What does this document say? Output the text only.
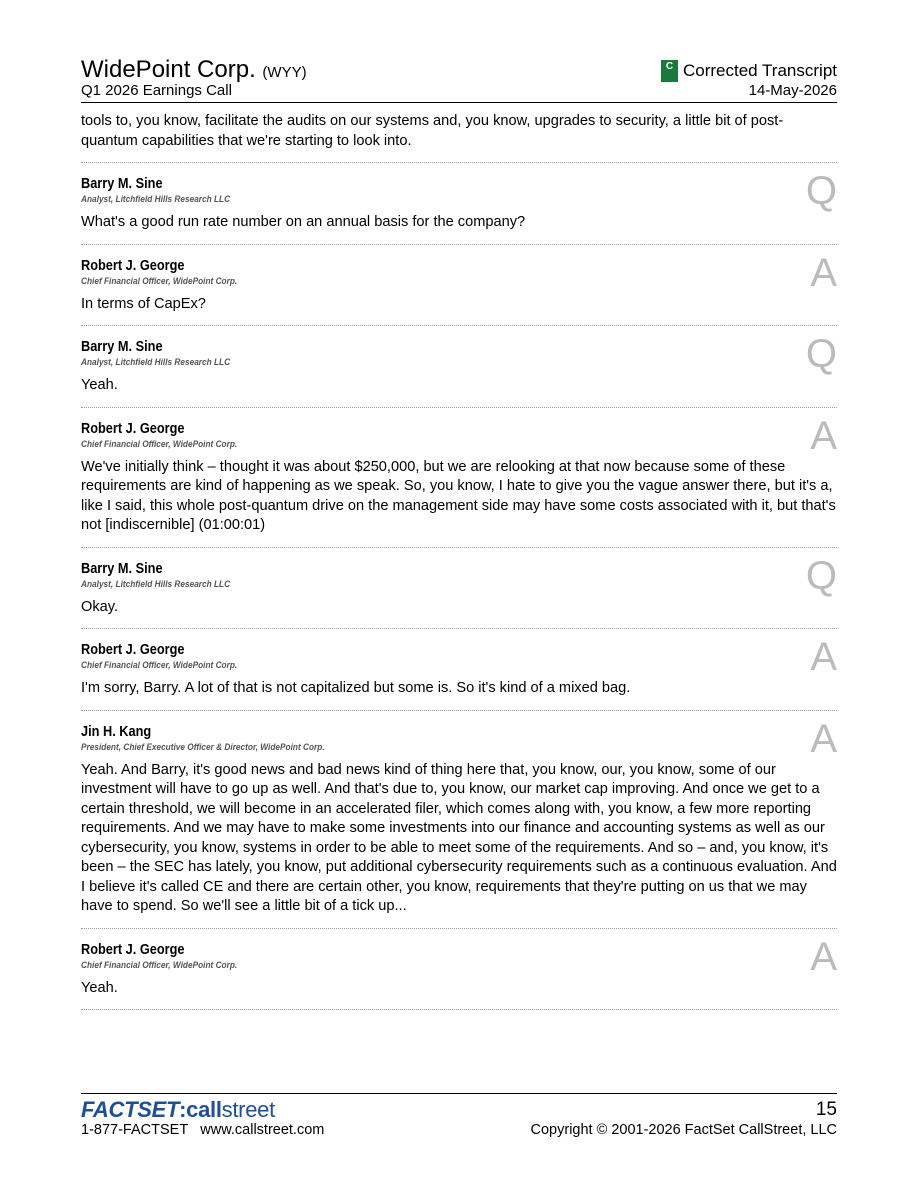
WidePoint Corp. (WYY)
Q1 2026 Earnings Call
C Corrected Transcript
14-May-2026

tools to, you know, facilitate the audits on our systems and, you know, upgrades to security, a little bit of post-quantum capabilities that we're starting to look into.

Barry M. Sine
Analyst, Litchfield Hills Research LLC	Q

What's a good run rate number on an annual basis for the company?

Robert J. George
Chief Financial Officer, WidePoint Corp.	A

In terms of CapEx?

Barry M. Sine
Analyst, Litchfield Hills Research LLC	Q

Yeah.

Robert J. George
Chief Financial Officer, WidePoint Corp.	A

We've initially think – thought it was about $250,000, but we are relooking at that now because some of these requirements are kind of happening as we speak. So, you know, I hate to give you the vague answer there, but it's a, like I said, this whole post-quantum drive on the management side may have some costs associated with it, but that's not [indiscernible] (01:00:01)

Barry M. Sine
Analyst, Litchfield Hills Research LLC	Q

Okay.

Robert J. George
Chief Financial Officer, WidePoint Corp.	A

I'm sorry, Barry. A lot of that is not capitalized but some is. So it's kind of a mixed bag.

Jin H. Kang
President, Chief Executive Officer & Director, WidePoint Corp.	A

Yeah. And Barry, it's good news and bad news kind of thing here that, you know, our, you know, some of our investment will have to go up as well. And that's due to, you know, our market cap improving. And once we get to a certain threshold, we will become in an accelerated filer, which comes along with, you know, a few more reporting requirements. And we may have to make some investments into our finance and accounting systems as well as our cybersecurity, you know, systems in order to be able to meet some of the requirements. And so – and, you know, it's been – the SEC has lately, you know, put additional cybersecurity requirements such as a continuous evaluation. And I believe it's called CE and there are certain other, you know, requirements that they're putting on us that we may have to spend. So we'll see a little bit of a tick up...

Robert J. George
Chief Financial Officer, WidePoint Corp.	A

Yeah.

FACTSET:callstreet
1-877-FACTSET www.callstreet.com
15
Copyright © 2001-2026 FactSet CallStreet, LLC
